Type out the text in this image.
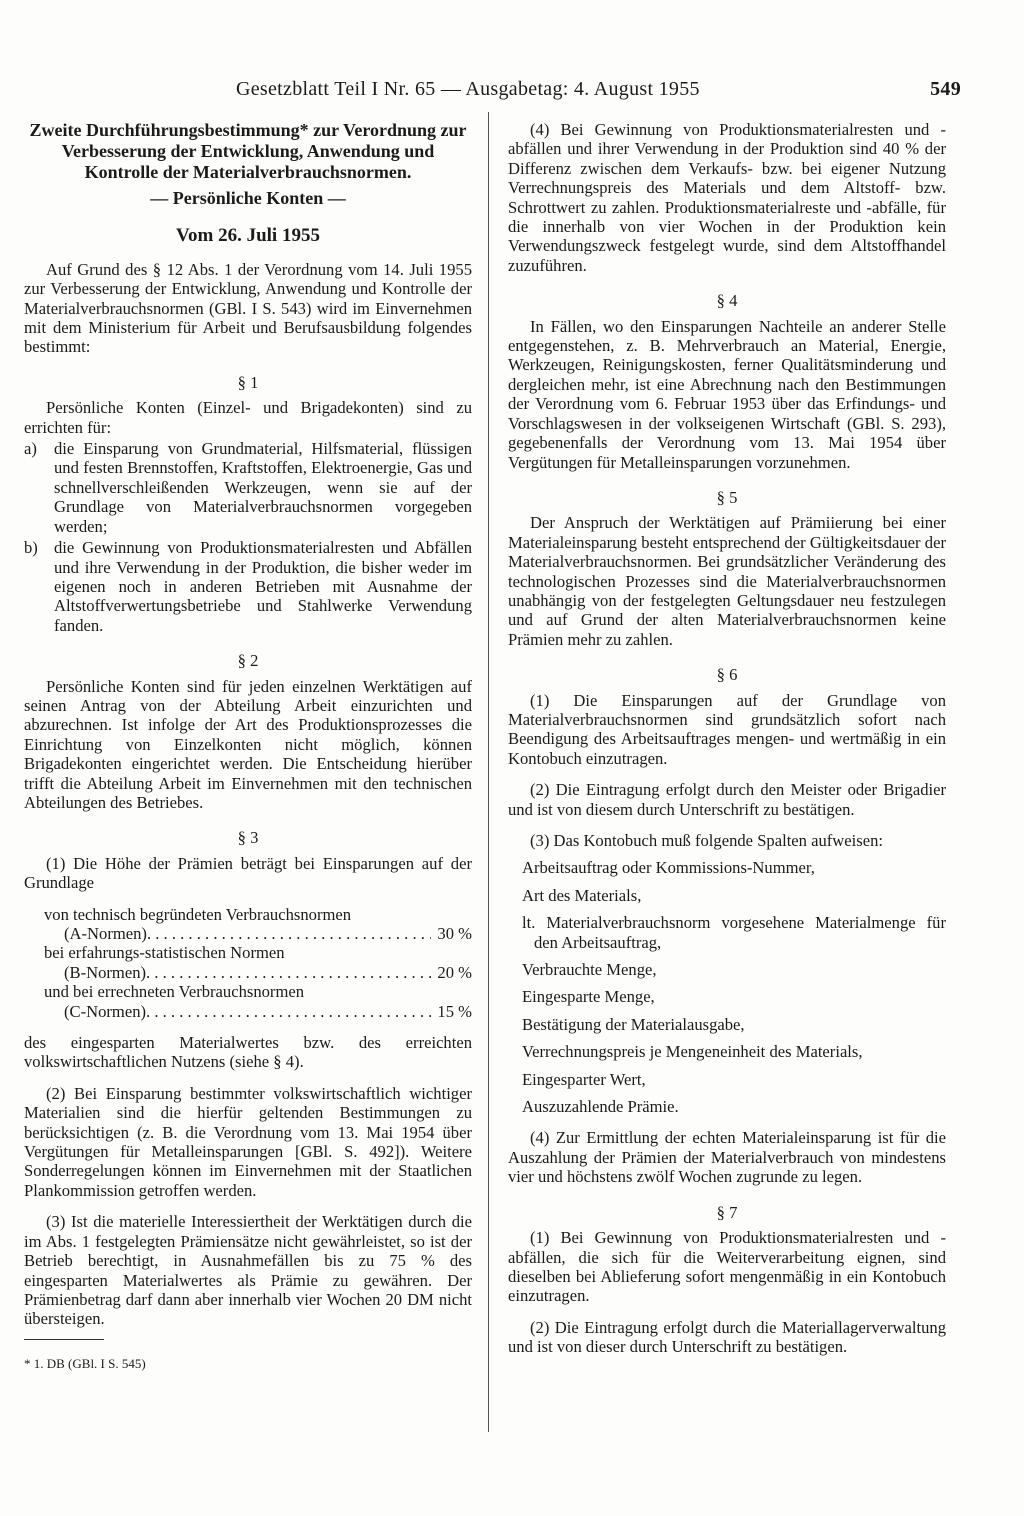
Gesetzblatt Teil I Nr. 65 — Ausgabetag: 4. August 1955	549

Zweite Durchführungsbestimmung* zur Verordnung zur Verbesserung der Entwicklung, Anwendung und Kontrolle der Materialverbrauchsnormen.

— Persönliche Konten —

Vom 26. Juli 1955

Auf Grund des § 12 Abs. 1 der Verordnung vom 14. Juli 1955 zur Verbesserung der Entwicklung, Anwendung und Kontrolle der Materialverbrauchsnormen (GBl. I S. 543) wird im Einvernehmen mit dem Ministerium für Arbeit und Berufsausbildung folgendes bestimmt:

§ 1

Persönliche Konten (Einzel- und Brigadekonten) sind zu errichten für:

a)	die Einsparung von Grundmaterial, Hilfsmaterial, flüssigen und festen Brennstoffen, Kraftstoffen, Elektroenergie, Gas und schnellverschleißenden Werkzeugen, wenn sie auf der Grundlage von Materialverbrauchsnormen vorgegeben werden;
b) die Gewinnung von Produktionsmaterialresten und Abfällen und ihre Verwendung in der Produktion, die bisher weder im eigenen noch in anderen Betrieben mit Ausnahme der Altstoffverwertungsbetriebe und Stahlwerke Verwendung fanden.

§ 2

Persönliche Konten sind für jeden einzelnen Werktätigen auf seinen Antrag von der Abteilung Arbeit einzurichten und abzurechnen. Ist infolge der Art des Produktionsprozesses die Einrichtung von Einzelkonten nicht möglich, können Brigadekonten eingerichtet werden. Die Entscheidung hierüber trifft die Abteilung Arbeit im Einvernehmen mit den technischen Abteilungen des Betriebes.

§ 3

(1) Die Höhe der Prämien beträgt bei Einsparungen auf der Grundlage

von technisch begründeten Verbrauchsnormen
(A-Normen) . . .	30 %
bei erfahrungs-statistischen Normen
(B-Normen) . . .	20 %
und bei errechneten Verbrauchsnormen
(C-Normen) . . .	15 %

des eingesparten Materialwertes bzw. des erreichten volkswirtschaftlichen Nutzens (siehe § 4).

(2) Bei Einsparung bestimmter volkswirtschaftlich wichtiger Materialien sind die hierfür geltenden Bestimmungen zu berücksichtigen (z. B. die Verordnung vom 13. Mai 1954 über Vergütungen für Metalleinsparungen [GBl. S. 492]). Weitere Sonderregelungen können im Einvernehmen mit der Staatlichen Plankommission getroffen werden.

(3) Ist die materielle Interessiertheit der Werktätigen durch die im Abs. 1 festgelegten Prämiensätze nicht gewährleistet, so ist der Betrieb berechtigt, in Ausnahmefällen bis zu 75 % des eingesparten Materialwertes als Prämie zu gewähren. Der Prämienbetrag darf dann aber innerhalb vier Wochen 20 DM nicht übersteigen.

* 1. DB (GBl. I S. 545)

(4) Bei Gewinnung von Produktionsmaterialresten und -abfällen und ihrer Verwendung in der Produktion sind 40 % der Differenz zwischen dem Verkaufs- bzw. bei eigener Nutzung Verrechnungspreis des Materials und dem Altstoff- bzw. Schrottwert zu zahlen. Produktionsmaterialreste und -abfälle, für die innerhalb von vier Wochen in der Produktion kein Verwendungszweck festgelegt wurde, sind dem Altstoffhandel zuzuführen.

§ 4

In Fällen, wo den Einsparungen Nachteile an anderer Stelle entgegenstehen, z. B. Mehrverbrauch an Material, Energie, Werkzeugen, Reinigungskosten, ferner Qualitätsminderung und dergleichen mehr, ist eine Abrechnung nach den Bestimmungen der Verordnung vom 6. Februar 1953 über das Erfindungs- und Vorschlagswesen in der volkseigenen Wirtschaft (GBl. S. 293), gegebenenfalls der Verordnung vom 13. Mai 1954 über Vergütungen für Metalleinsparungen vorzunehmen.

§ 5

Der Anspruch der Werktätigen auf Prämiierung bei einer Materialeinsparung besteht entsprechend der Gültigkeitsdauer der Materialverbrauchsnormen. Bei grundsätzlicher Veränderung des technologischen Prozesses sind die Materialverbrauchsnormen unabhängig von der festgelegten Geltungsdauer neu festzulegen und auf Grund der alten Materialverbrauchsnormen keine Prämien mehr zu zahlen.

§ 6

(1) Die Einsparungen auf der Grundlage von Materialverbrauchsnormen sind grundsätzlich sofort nach Beendigung des Arbeitsauftrages mengen- und wertmäßig in ein Kontobuch einzutragen.

(2) Die Eintragung erfolgt durch den Meister oder Brigadier und ist von diesem durch Unterschrift zu bestätigen.

(3) Das Kontobuch muß folgende Spalten aufweisen:

Arbeitsauftrag oder Kommissions-Nummer,

Art des Materials,

lt. Materialverbrauchsnorm vorgesehene Materialmenge für den Arbeitsauftrag,

Verbrauchte Menge,

Eingesparte Menge,

Bestätigung der Materialausgabe,

Verrechnungspreis je Mengeneinheit des Materials,

Eingesparter Wert,

Auszuzahlende Prämie.

(4) Zur Ermittlung der echten Materialeinsparung ist für die Auszahlung der Prämien der Materialverbrauch von mindestens vier und höchstens zwölf Wochen zugrunde zu legen.

§ 7

(1) Bei Gewinnung von Produktionsmaterialresten und -abfällen, die sich für die Weiterverarbeitung eignen, sind dieselben bei Ablieferung sofort mengenmäßig in ein Kontobuch einzutragen.

(2) Die Eintragung erfolgt durch die Materiallagerverwaltung und ist von dieser durch Unterschrift zu bestätigen.
